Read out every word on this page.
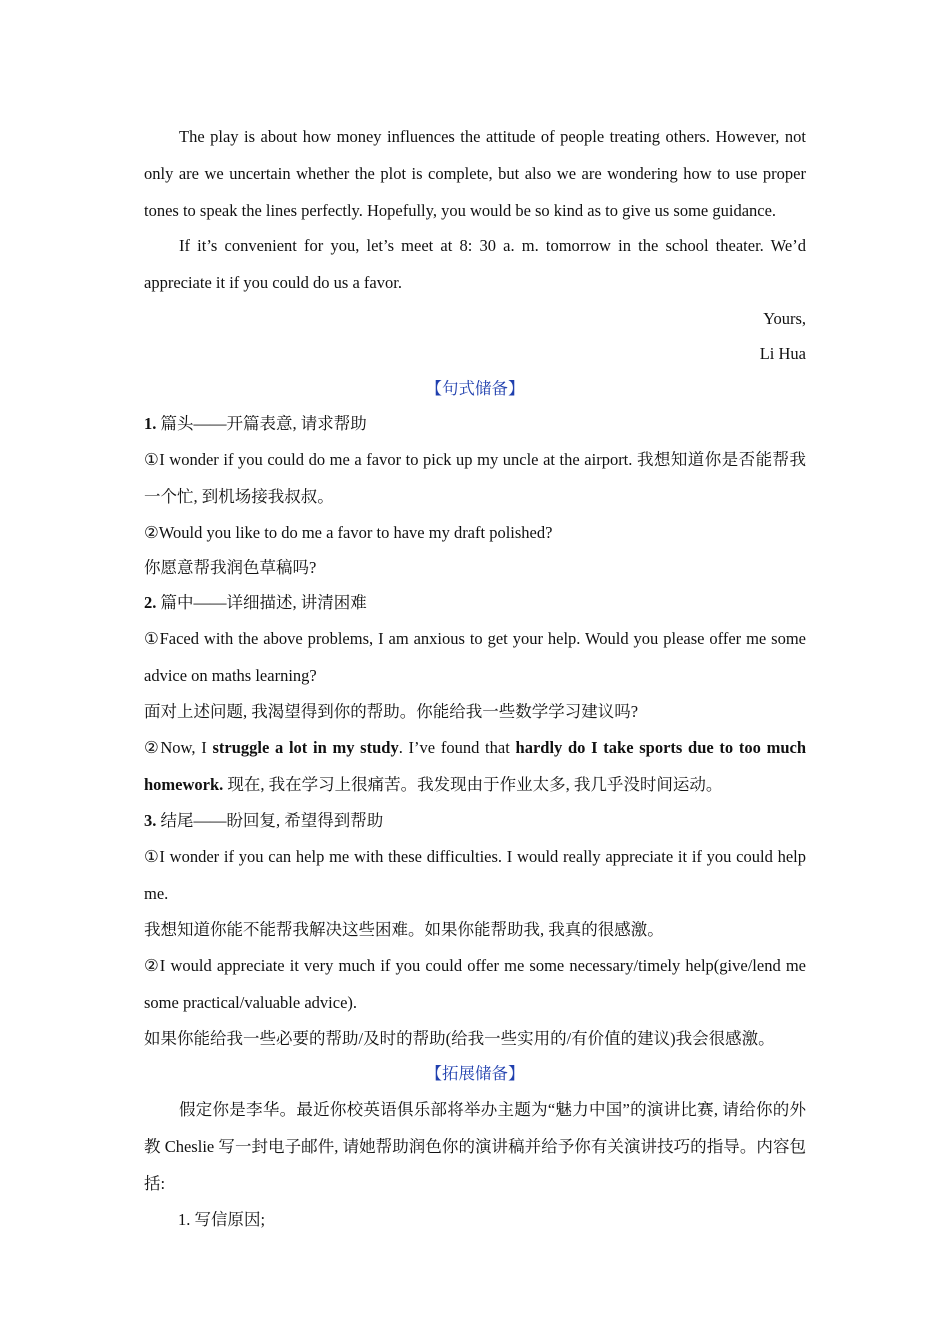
The play is about how money influences the attitude of people treating others. However, not only are we uncertain whether the plot is complete, but also we are wondering how to use proper tones to speak the lines perfectly. Hopefully, you would be so kind as to give us some guidance.

If it’s convenient for you, let’s meet at 8: 30 a. m. tomorrow in the school theater. We’d appreciate it if you could do us a favor.

Yours,

Li Hua

【句式储备】

1. 篇头——开篇表意, 请求帮助

①I wonder if you could do me a favor to pick up my uncle at the airport. 我想知道你是否能帮我一个忙, 到机场接我叔叔。

②Would you like to do me a favor to have my draft polished?

你愿意帮我润色草稿吗?

2. 篇中——详细描述, 讲清困难

①Faced with the above problems, I am anxious to get your help. Would you please offer me some advice on maths learning?

面对上述问题, 我渴望得到你的帮助。你能给我一些数学学习建议吗?

②Now, I struggle a lot in my study. I’ve found that hardly do I take sports due to too much homework. 现在, 我在学习上很痛苦。我发现由于作业太多, 我几乎没时间运动。

3. 结尾——盼回复, 希望得到帮助

①I wonder if you can help me with these difficulties. I would really appreciate it if you could help me.

我想知道你能不能帮我解决这些困难。如果你能帮助我, 我真的很感激。

②I would appreciate it very much if you could offer me some necessary/timely help(give/lend me some practical/valuable advice).

如果你能给我一些必要的帮助/及时的帮助(给我一些实用的/有价值的建议)我会很感激。

【拓展储备】

假定你是李华。最近你校英语俱乐部将举办主题为“魅力中国”的演讲比赛, 请给你的外教 Cheslie 写一封电子邮件, 请她帮助润色你的演讲稿并给予你有关演讲技巧的指导。内容包括:

1. 写信原因;
